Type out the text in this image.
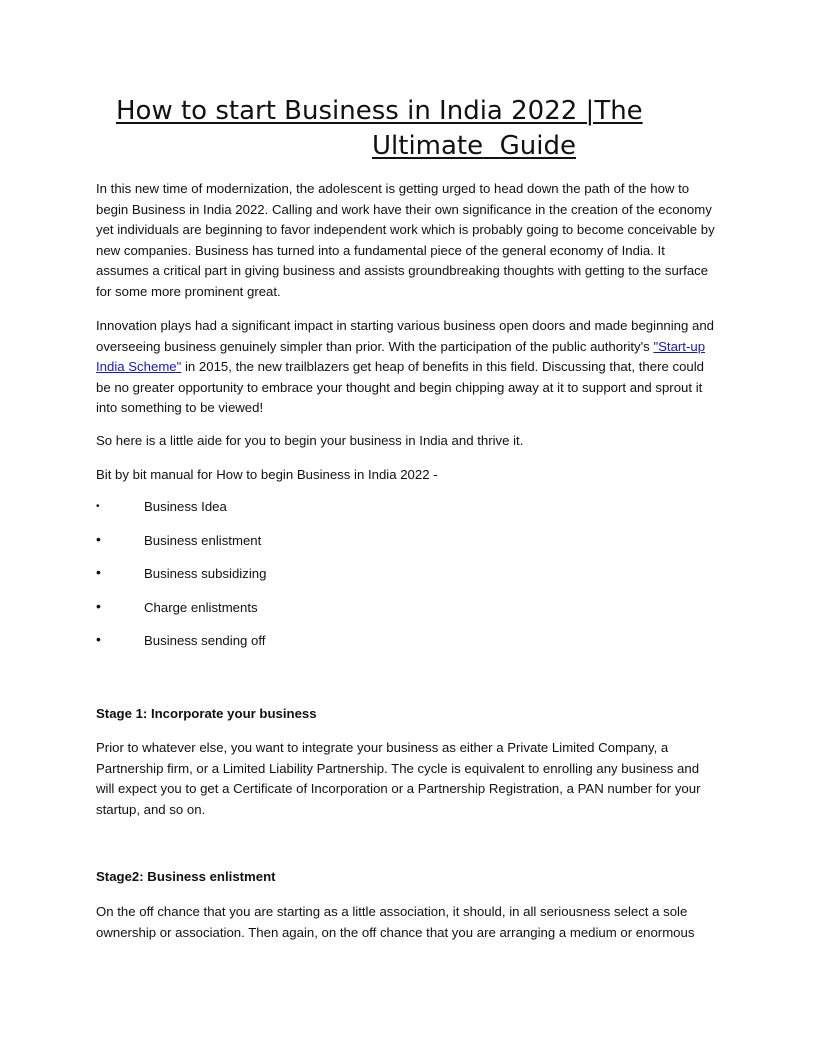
How to start Business in India 2022 |The
Ultimate Guide

In this new time of modernization, the adolescent is getting urged to head down the path of the how to begin Business in India 2022. Calling and work have their own significance in the creation of the economy yet individuals are beginning to favor independent work which is probably going to become conceivable by new companies. Business has turned into a fundamental piece of the general economy of India. It assumes a critical part in giving business and assists groundbreaking thoughts with getting to the surface for some more prominent great.

Innovation plays had a significant impact in starting various business open doors and made beginning and overseeing business genuinely simpler than prior. With the participation of the public authority's "Start-up India Scheme" in 2015, the new trailblazers get heap of benefits in this field. Discussing that, there could be no greater opportunity to embrace your thought and begin chipping away at it to support and sprout it into something to be viewed!

So here is a little aide for you to begin your business in India and thrive it.

Bit by bit manual for How to begin Business in India 2022 -

•	Business Idea
•	Business enlistment
•	Business subsidizing
•	Charge enlistments
•	Business sending off

Stage 1: Incorporate your business

Prior to whatever else, you want to integrate your business as either a Private Limited Company, a Partnership firm, or a Limited Liability Partnership. The cycle is equivalent to enrolling any business and will expect you to get a Certificate of Incorporation or a Partnership Registration, a PAN number for your startup, and so on.

Stage2: Business enlistment

On the off chance that you are starting as a little association, it should, in all seriousness select a sole ownership or association. Then again, on the off chance that you are arranging a medium or enormous
